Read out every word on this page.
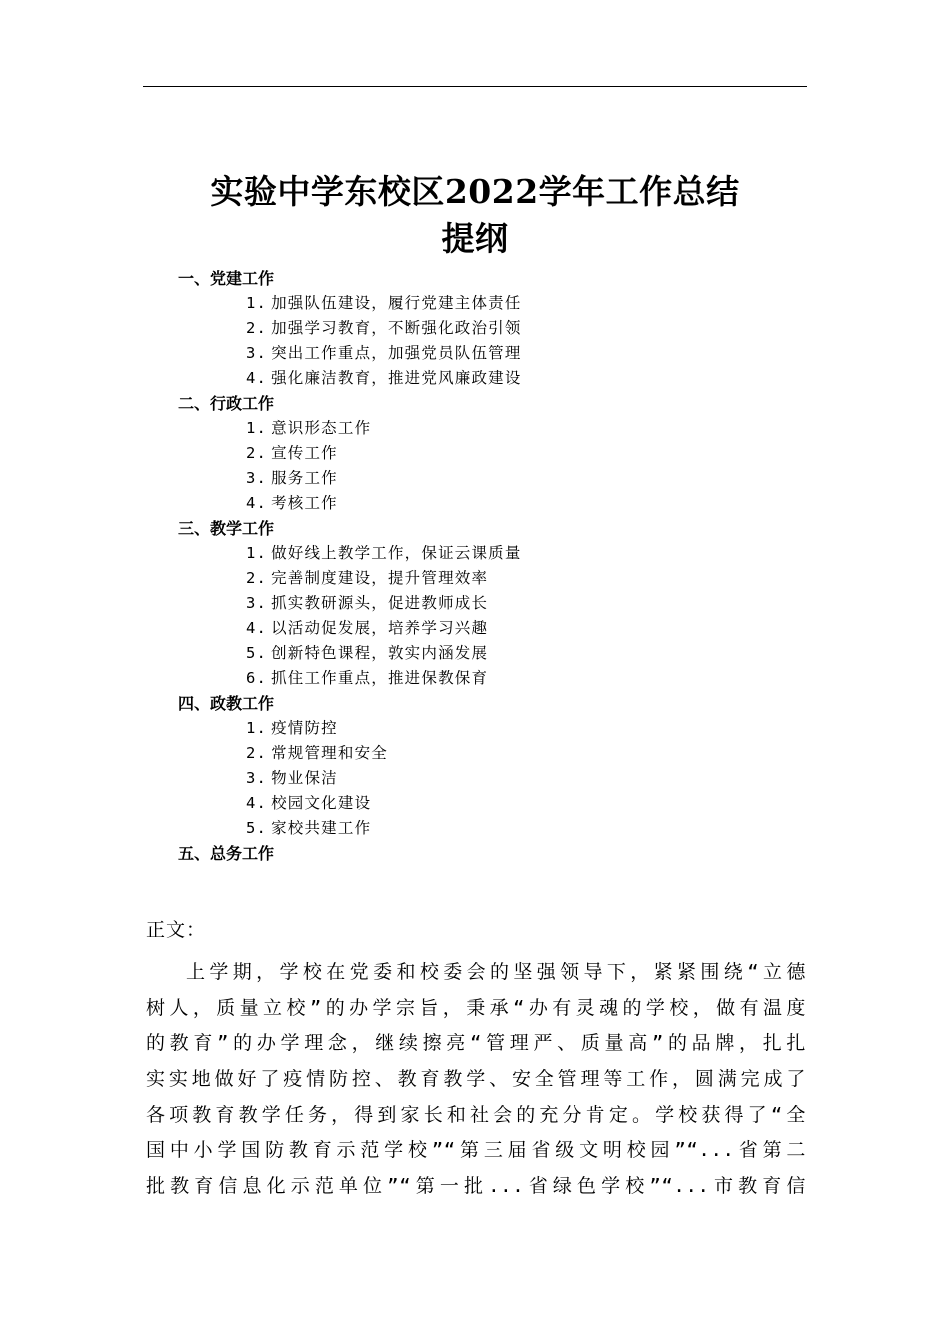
实验中学东校区2022学年工作总结
提纲
一、党建工作
1. 加强队伍建设，履行党建主体责任
2. 加强学习教育，不断强化政治引领
3. 突出工作重点，加强党员队伍管理
4. 强化廉洁教育，推进党风廉政建设
二、行政工作
1. 意识形态工作
2. 宣传工作
3. 服务工作
4. 考核工作
三、教学工作
1. 做好线上教学工作，保证云课质量
2. 完善制度建设，提升管理效率
3. 抓实教研源头，促进教师成长
4. 以活动促发展，培养学习兴趣
5. 创新特色课程，敦实内涵发展
6. 抓住工作重点，推进保教保育
四、政教工作
1. 疫情防控
2. 常规管理和安全
3. 物业保洁
4. 校园文化建设
5. 家校共建工作
五、总务工作
正文：
上学期，学校在党委和校委会的坚强领导下，紧紧围绕“立德
树人，质量立校”的办学宗旨，秉承“办有灵魂的学校，做有温度
的教育”的办学理念，继续擦亮“管理严、质量高”的品牌，扎扎
实实地做好了疫情防控、教育教学、安全管理等工作，圆满完成了
各项教育教学任务，得到家长和社会的充分肯定。学校获得了“全
国中小学国防教育示范学校”“第三届省级文明校园”“...省第二
批教育信息化示范单位”“第一批...省绿色学校”“...市教育信
